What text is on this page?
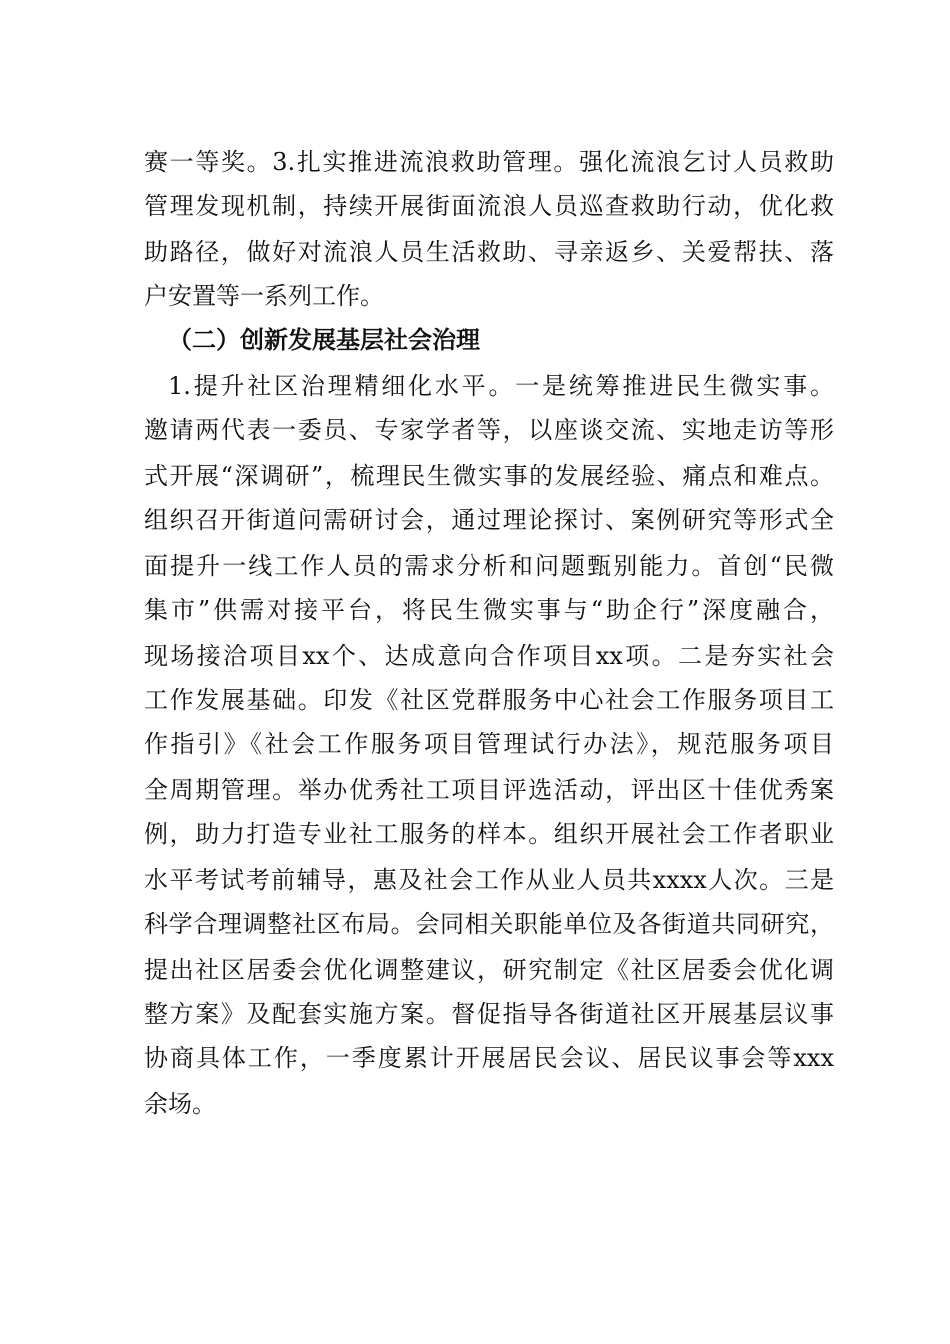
赛一等奖。3.扎实推进流浪救助管理。强化流浪乞讨人员救助
管理发现机制，持续开展街面流浪人员巡查救助行动，优化救
助路径，做好对流浪人员生活救助、寻亲返乡、关爱帮扶、落
户安置等一系列工作。
（二）创新发展基层社会治理
1.提升社区治理精细化水平。一是统筹推进民生微实事。
邀请两代表一委员、专家学者等，以座谈交流、实地走访等形
式开展“深调研”，梳理民生微实事的发展经验、痛点和难点。
组织召开街道问需研讨会，通过理论探讨、案例研究等形式全
面提升一线工作人员的需求分析和问题甄别能力。首创“民微
集市”供需对接平台，将民生微实事与“助企行”深度融合，
现场接洽项目xx个、达成意向合作项目xx项。二是夯实社会
工作发展基础。印发《社区党群服务中心社会工作服务项目工
作指引》《社会工作服务项目管理试行办法》，规范服务项目
全周期管理。举办优秀社工项目评选活动，评出区十佳优秀案
例，助力打造专业社工服务的样本。组织开展社会工作者职业
水平考试考前辅导，惠及社会工作从业人员共xxxx人次。三是
科学合理调整社区布局。会同相关职能单位及各街道共同研究，
提出社区居委会优化调整建议，研究制定《社区居委会优化调
整方案》及配套实施方案。督促指导各街道社区开展基层议事
协商具体工作，一季度累计开展居民会议、居民议事会等xxx
余场。
